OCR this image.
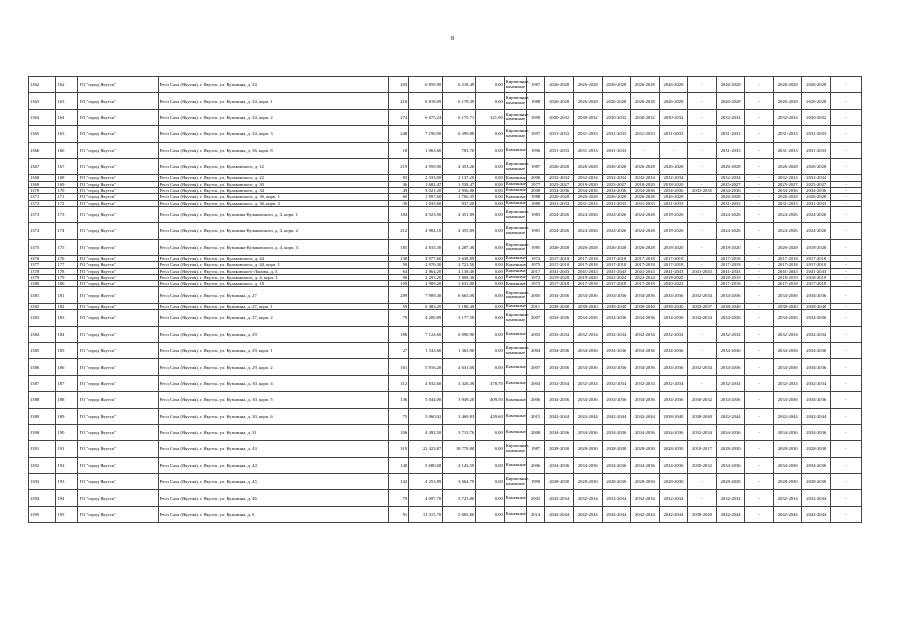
8
1362	162	ГО "город Якутск"	Респ Саха (Якутия), г. Якутск, ул. Кузьмина, д. 34	203	6 859,90	6 218,49	0,00	Кирпичные, каменные	1987	2026-2028	2026-2028	2026-2028	2026-2028	2026-2028	-	2026-2028	-	2026-2028	2026-2028	-
1363	163	ГО "город Якутск"	Респ Саха (Якутия), г. Якутск, ул. Кузьмина, д. 34, корп. 1	210	6 818,09	6 178,39	0,00	Кирпичные, каменные	1988	2026-2028	2026-2028	2026-2028	2026-2028	2026-2028	-	2026-2028	-	2026-2028	2026-2028	-
1364	164	ГО "город Якутск"	Респ Саха (Якутия), г. Якутск, ул. Кузьмина, д. 34, корп. 2	274	6 675,24	6 175,71	321,90	Кирпичные, каменные	1990	2030-2032	2030-2032	2030-2032	2030-2032	2030-2032	-	2032-2034	-	2032-2034	2030-2032	-
1365	165	ГО "город Якутск"	Респ Саха (Якутия), г. Якутск, ул. Кузьмина, д. 34, корп. 3	248	7 190,90	6 399,88	0,00	Кирпичные, каменные	1997	2031-2033	2031-2033	2031-2033	2031-2033	2031-2033	-	2031-2033	-	2031-2033	2031-2033	-
1366	166	ГО "город Якутск"	Респ Саха (Якутия), г. Якутск, ул. Кузьмина, д. 36, корп. 8	18	1 063,60	783,70	0,00	Каменные	1996	2031-2033	2031-2033	2031-2033	-	-	-	2031-2033	-	2031-2033	2031-2033	-
1367	167	ГО "город Якутск"	Респ Саха (Якутия), г. Якутск, ул. Кулаковского, д. 12	219	4 959,00	4 353,26	0,00	Кирпичные, каменные	1987	2026-2028	2026-2028	2026-2028	2026-2028	2026-2028	-	2026-2028	-	2026-2028	2026-2028	-
1368	168	ГО "город Якутск"	Респ Саха (Якутия), г. Якутск, ул. Кулаковского, д. 22	83	2 333,00	2 137,20	0,00	Каменные	2006	2032-2034	2032-2034	2032-2034	2032-2034	2032-2034	-	2032-2034	-	2032-2034	2032-2034	-
1369	169	ГО "город Якутск"	Респ Саха (Якутия), г. Якутск, ул. Кулаковского, д. 30	46	1 682,47	1 538,47	0,00	Каменные	1977	2025-2027	2019-2020	2025-2027	2018-2020	2018-2020	-	2025-2027	-	2025-2027	2025-2027	-
1370	170	ГО "город Якутск"	Респ Саха (Якутия), г. Якутск, ул. Кулаковского, д. 34	49	3 021,20	2 956,80	0,00	Каменные	2008	2034-2036	2034-2036	2034-2036	2034-2036	2034-2036	2033-2035	2034-2036	-	2034-2036	2034-2036	-
1371	171	ГО "город Якутск"	Респ Саха (Якутия), г. Якутск, ул. Кулаковского, д. 36, корп. 1	60	1 897,60	1 766,35	0,00	Каменные	1988	2026-2028	2026-2028	2026-2028	2026-2028	2026-2028	-	2026-2028	-	2026-2028	2026-2028	-
1372	172	ГО "город Якутск"	Респ Саха (Якутия), г. Якутск, ул. Кулаковского, д. 36, корп. 2	39	1 035,60	937,20	0,00	Каменные	1989	2031-2033	2031-2033	2031-2033	2031-2033	2031-2033	-	2031-2033	-	2031-2033	2031-2033	-
1373	173	ГО "город Якутск"	Респ Саха (Якутия), г. Якутск, ул. Кузьмина-Кулаковского, д. 4, корп. 1	184	4 923,90	4 351,89	0,00	Кирпичные, каменные	1983	2024-2026	2024-2026	2024-2026	2024-2026	2018-2020	-	2024-2026	-	2024-2026	2024-2026	-
1374	174	ГО "город Якутск"	Респ Саха (Якутия), г. Якутск, ул. Кузьмина-Кулаковского, д. 4, корп. 2	212	4 984,10	4 355,89	0,00	Кирпичные, каменные	1981	2024-2026	2024-2026	2024-2026	2024-2026	2018-2020	-	2024-2026	-	2024-2026	2024-2026	-
1375	175	ГО "город Якутск"	Респ Саха (Якутия), г. Якутск, ул. Кузьмина-Кулаковского, д. 4, корп. 3	185	4 833,30	4 287,40	0,00	Кирпичные, каменные	1985	2026-2028	2026-2028	2026-2028	2026-2028	2018-2020	-	2018-2020	-	2026-2028	2018-2020	-
1376	176	ГО "город Якутск"	Респ Саха (Якутия), г. Якутск, ул. Кулаковского, д. 44	138	3 977,60	3 638,89	0,00	Каменные	1974	2017-2018	2017-2018	2017-2018	2017-2018	2017-2018	-	2017-2018	-	2017-2018	2017-2018	-
1377	177	ГО "город Якутск"	Респ Саха (Якутия), г. Якутск, ул. Кулаковского, д. 44, корп. 1	50	2 970,30	2 721,50	0,00	Каменные	1975	2017-2018	2017-2018	2017-2018	2017-2018	2017-2018	-	2017-2018	-	2017-2018	2017-2018	-
1378	178	ГО "город Якутск"	Респ Саха (Якутия), г. Якутск, ул. Кулаковского-Лонова, д. 5	64	2 864,20	2 138,40	0,00	Каменные	2017	2041-2043	2041-2043	2041-2043	2041-2043	2041-2043	2041-2043	2041-2043	-	2041-2043	2041-2043	-
1379	179	ГО "город Якутск"	Респ Саха (Якутия), г. Якутск, ул. Кулаковского, д. 4, корп. 1	90	2 293,20	1 808,36	0,00	Каменные	1972	2019-2020	2019-2020	2022-2024	2022-2024	2018-2020	-	2018-2019	-	2018-2019	2018-2019	-
1380	180	ГО "город Якутск"	Респ Саха (Якутия), г. Якутск, ул. Кулаковского, д. 18	109	2 909,20	1 631,80	0,00	Каменные	1973	2017-2018	2017-2018	2017-2018	2017-2018	2020-2022	-	2017-2018	-	2017-2018	2017-2018	-
1381	181	ГО "город Якутск"	Респ Саха (Якутия), г. Якутск, ул. Кузьмина, д. 27	289	7 909,40	6 665,00	0,00	Кирпичные, каменные	2005	2034-2036	2034-2036	2034-2036	2034-2036	2034-2036	2032-2034	2034-2036	-	2034-2036	2034-2036	-
1382	182	ГО "город Якутск"	Респ Саха (Якутия), г. Якутск, ул. Кузьмина, д. 27, корп. 1	59	6 483,20	5 188,49	0,00	Каменные	2011	2038-2040	2038-2040	2038-2040	2038-2040	2038-2040	2035-2037	2038-2040	-	2038-2040	2038-2040	-
1383	183	ГО "город Якутск"	Респ Саха (Якутия), г. Якутск, ул. Кузьмина, д. 27, корп. 2	79	4 209,89	3 177,58	0,00	Кирпичные, каменные	2007	2034-2036	2034-2036	2034-2036	2034-2036	2034-2036	2032-2034	2034-2036	-	2034-2036	2034-2036	-
1384	184	ГО "город Якутск"	Респ Саха (Якутия), г. Якутск, ул. Кузьмина, д. 29	186	7 124,60	6 090,90	0,00	Каменные	2003	2032-2034	2032-2034	2032-2034	2032-2034	2032-2034	-	2032-2034	-	2032-2034	2032-2034	-
1385	185	ГО "город Якутск"	Респ Саха (Якутия), г. Якутск, ул. Кузьмина, д. 29, корп. 1	27	1 543,60	1 363,90	0,00	Кирпичные, каменные	2004	2034-2036	2034-2036	2034-2036	2034-2036	2034-2036	-	2034-2036	-	2034-2036	2034-2036	-
1386	186	ГО "город Якутск"	Респ Саха (Якутия), г. Якутск, ул. Кузьмина, д. 29, корп. 2	161	5 916,20	4 631,60	0,00	Каменные	2007	2034-2036	2034-2036	2034-2036	2034-2036	2034-2036	2032-2034	2034-2036	-	2034-2036	2034-2036	-
1387	187	ГО "город Якутск"	Респ Саха (Якутия), г. Якутск, ул. Кузьмина, д. 30, корп. 4	112	4 832,60	3 326,38	478,70	Каменные	2004	2032-2034	2032-2034	2032-2034	2032-2034	2032-2034	-	2032-2034	-	2032-2034	2032-2034	-
1388	188	ГО "город Якутск"	Респ Саха (Якутия), г. Якутск, ул. Кузьмина, д. 30, корп. 5	136	5 044,00	3 949,20	409,50	Каменные	2006	2034-2036	2034-2036	2034-2036	2034-2036	2034-2036	2030-2032	2034-2036	-	2034-2036	2034-2036	-
1389	189	ГО "город Якутск"	Респ Саха (Якутия), г. Якутск, ул. Кузьмина, д. 30, корп. 6	75	5 060,02	3 469,83	439,60	Каменные	2015	2042-2044	2042-2044	2042-2044	2042-2044	2038-2040	2038-2040	2042-2044	-	2042-2044	2042-2044	-
1390	190	ГО "город Якутск"	Респ Саха (Якутия), г. Якутск, ул. Кузьмина, д. 31	106	4 492,50	3 713,76	0,00	Каменные	2008	2034-2036	2034-2036	2034-2036	2034-2036	2034-2036	2032-2034	2034-2036	-	2034-2036	2034-2036	-
1391	191	ГО "город Якутск"	Респ Саха (Якутия), г. Якутск, ул. Кузьмина, д. 43	319	22 423,87	18 779,80	0,00	Кирпичные, каменные	1987	2028-2030	2028-2030	2028-2030	2028-2030	2028-2030	2018-2017	2028-2030	-	2028-2030	2028-2030	-
1392	192	ГО "город Якутск"	Респ Саха (Якутия), г. Якутск, ул. Кузьмина, д. 44	140	5 680,68	4 143,59	0,00	Каменные	2006	2034-2036	2034-2036	2034-2036	2034-2036	2034-2036	2030-2032	2034-2036	-	2034-2036	2034-2036	-
1393	193	ГО "город Якутск"	Респ Саха (Якутия), г. Якутск, ул. Кузьмина, д. 45	142	4 253,89	3 664,79	0,00	Кирпичные, каменные	1990	2028-2030	2028-2030	2028-2030	2028-2030	2028-2030	-	2028-2030	-	2028-2030	2028-2030	-
1394	194	ГО "город Якутск"	Респ Саха (Якутия), г. Якутск, ул. Кузьмина, д. 46	79	4 097,70	3 723,80	0,00	Каменные	2003	2032-2034	2032-2034	2032-2034	2032-2034	2032-2034	-	2032-2034	-	2032-2034	2032-2034	-
1395	195	ГО "город Якутск"	Респ Саха (Якутия), г. Якутск, ул. Кузьмина, д. 6	91	13 315,70	5 665,80	0,00	Каменные	2014	2042-2044	2042-2044	2042-2044	2042-2044	2042-2044	2038-2040	2042-2044	-	2042-2044	2042-2044	-
